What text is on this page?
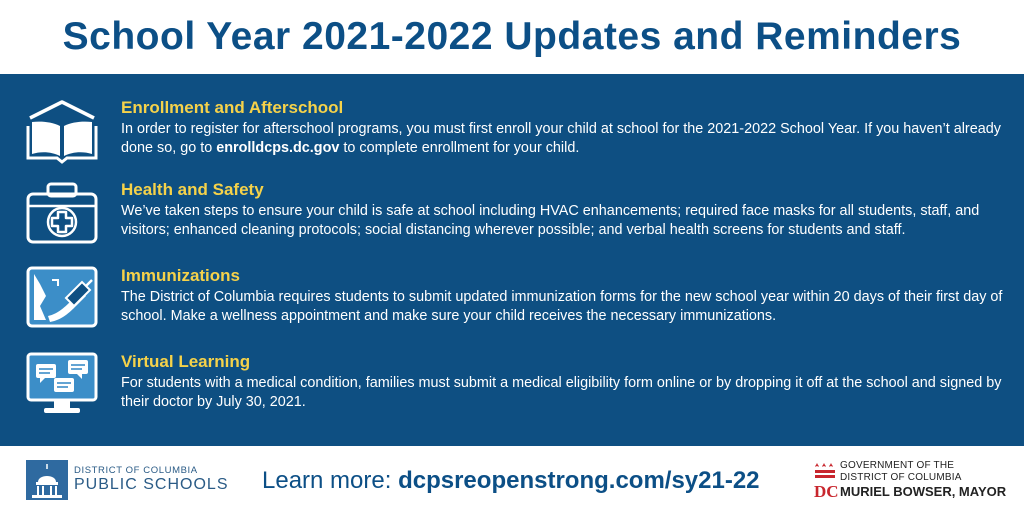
School Year 2021-2022 Updates and Reminders
Enrollment and Afterschool
In order to register for afterschool programs, you must first enroll your child at school for the 2021-2022 School Year. If you haven’t already done so, go to enrolldcps.dc.gov to complete enrollment for your child.
Health and Safety
We’ve taken steps to ensure your child is safe at school including HVAC enhancements; required face masks for all students, staff, and visitors; enhanced cleaning protocols; social distancing wherever possible; and verbal health screens for students and staff.
Immunizations
The District of Columbia requires students to submit updated immunization forms for the new school year within 20 days of their first day of school. Make a wellness appointment and make sure your child receives the necessary immunizations.
Virtual Learning
For students with a medical condition, families must submit a medical eligibility form online or by dropping it off at the school and signed by their doctor by July 30, 2021.
DISTRICT OF COLUMBIA
PUBLIC SCHOOLS Learn more: dcpsreopenstrong.com/sy21-22	DC
GOVERNMENT OF THE
DISTRICT OF COLUMBIA
MURIEL BOWSER, MAYOR
